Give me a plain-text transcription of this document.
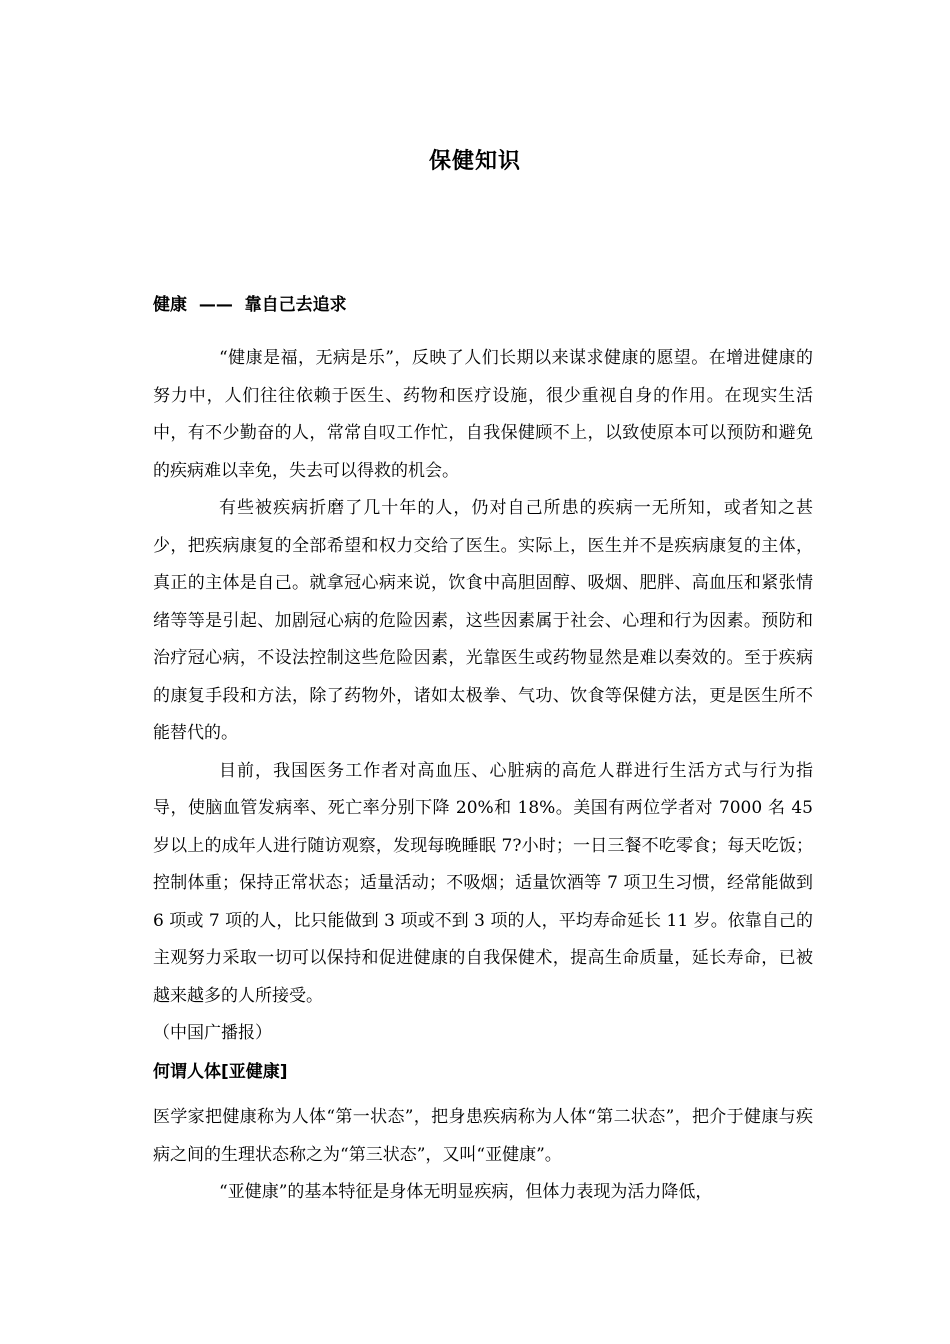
保健知识

健康  ——  靠自己去追求

“健康是福，无病是乐”，反映了人们长期以来谋求健康的愿望。在增进健康的努力中，人们往往依赖于医生、药物和医疗设施，很少重视自身的作用。在现实生活中，有不少勤奋的人，常常自叹工作忙，自我保健顾不上，以致使原本可以预防和避免的疾病难以幸免，失去可以得救的机会。

有些被疾病折磨了几十年的人，仍对自己所患的疾病一无所知，或者知之甚少，把疾病康复的全部希望和权力交给了医生。实际上，医生并不是疾病康复的主体，真正的主体是自己。就拿冠心病来说，饮食中高胆固醇、吸烟、肥胖、高血压和紧张情绪等等是引起、加剧冠心病的危险因素，这些因素属于社会、心理和行为因素。预防和治疗冠心病，不设法控制这些危险因素，光靠医生或药物显然是难以奏效的。至于疾病的康复手段和方法，除了药物外，诸如太极拳、气功、饮食等保健方法，更是医生所不能替代的。

目前，我国医务工作者对高血压、心脏病的高危人群进行生活方式与行为指导，使脑血管发病率、死亡率分别下降 20%和 18%。美国有两位学者对 7000 名 45 岁以上的成年人进行随访观察，发现每晚睡眠 7?小时；一日三餐不吃零食；每天吃饭；控制体重；保持正常状态；适量活动；不吸烟；适量饮酒等 7 项卫生习惯，经常能做到 6 项或 7 项的人，比只能做到 3 项或不到 3 项的人，平均寿命延长 11 岁。依靠自己的主观努力采取一切可以保持和促进健康的自我保健术，提高生命质量，延长寿命，已被越来越多的人所接受。

（中国广播报）

何谓人体[亚健康]

医学家把健康称为人体“第一状态”，把身患疾病称为人体“第二状态”，把介于健康与疾病之间的生理状态称之为“第三状态”，又叫“亚健康”。

“亚健康”的基本特征是身体无明显疾病，但体力表现为活力降低，
